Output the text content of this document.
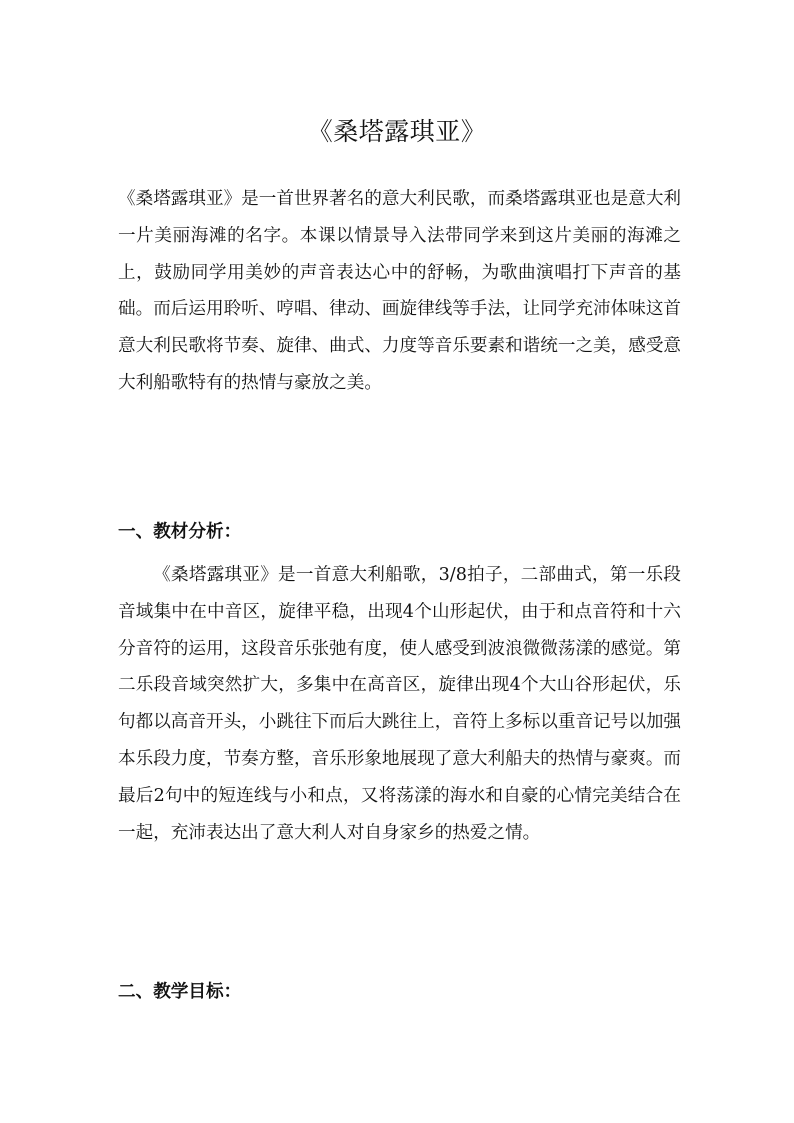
《桑塔露琪亚》

《桑塔露琪亚》是一首世界著名的意大利民歌，而桑塔露琪亚也是意大利一片美丽海滩的名字。本课以情景导入法带同学来到这片美丽的海滩之上，鼓励同学用美妙的声音表达心中的舒畅，为歌曲演唱打下声音的基础。而后运用聆听、哼唱、律动、画旋律线等手法，让同学充沛体味这首意大利民歌将节奏、旋律、曲式、力度等音乐要素和谐统一之美，感受意大利船歌特有的热情与豪放之美。

一、教材分析：

《桑塔露琪亚》是一首意大利船歌，3/8拍子，二部曲式，第一乐段音域集中在中音区，旋律平稳，出现4个山形起伏，由于和点音符和十六分音符的运用，这段音乐张弛有度，使人感受到波浪微微荡漾的感觉。第二乐段音域突然扩大，多集中在高音区，旋律出现4个大山谷形起伏，乐句都以高音开头，小跳往下而后大跳往上，音符上多标以重音记号以加强本乐段力度，节奏方整，音乐形象地展现了意大利船夫的热情与豪爽。而最后2句中的短连线与小和点，又将荡漾的海水和自豪的心情完美结合在一起，充沛表达出了意大利人对自身家乡的热爱之情。

二、教学目标：
